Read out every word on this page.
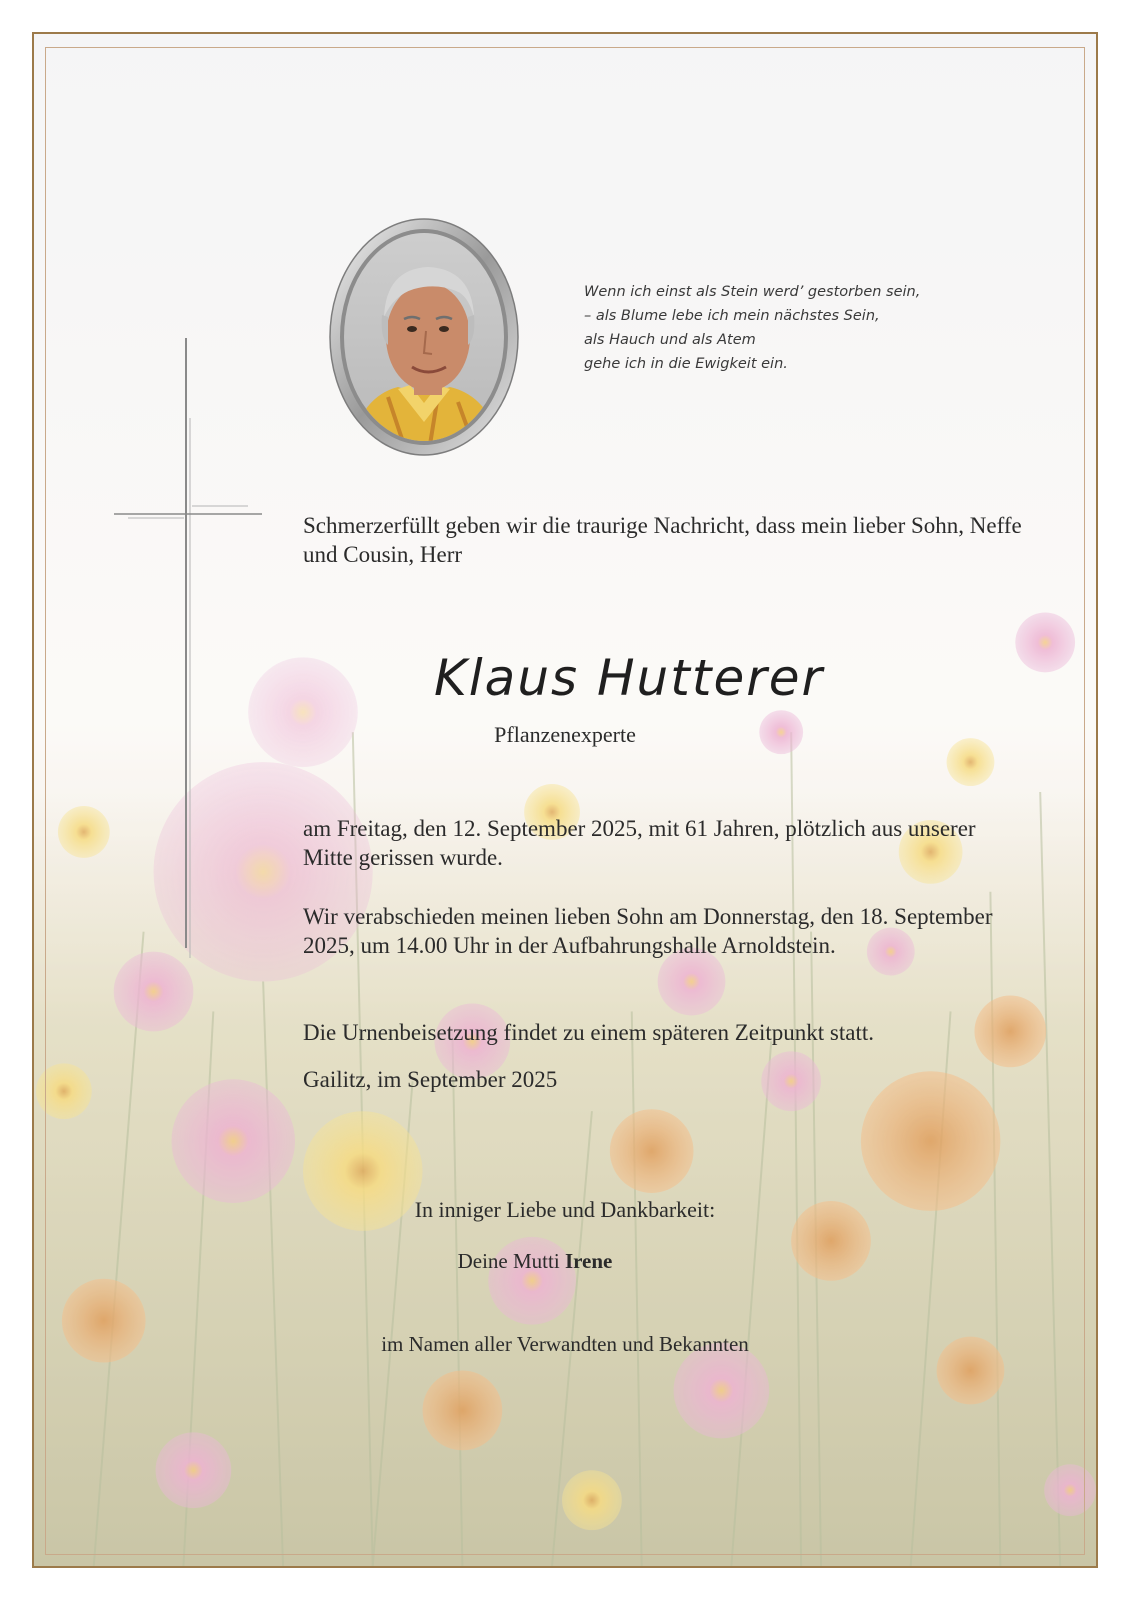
Wenn ich einst als Stein werd’ gestorben sein,
– als Blume lebe ich mein nächstes Sein,
als Hauch und als Atem
gehe ich in die Ewigkeit ein.
Schmerzerfüllt geben wir die traurige Nachricht, dass mein lieber Sohn, Neffe und Cousin, Herr
Klaus Hutterer
Pflanzenexperte
am Freitag, den 12. September 2025, mit 61 Jahren, plötzlich aus unserer Mitte gerissen wurde.
Wir verabschieden meinen lieben Sohn am Donnerstag, den 18. September 2025, um 14.00 Uhr in der Aufbahrungshalle Arnoldstein.
Die Urnenbeisetzung findet zu einem späteren Zeitpunkt statt.
Gailitz, im September 2025
In inniger Liebe und Dankbarkeit:
Deine Mutti Irene
im Namen aller Verwandten und Bekannten
